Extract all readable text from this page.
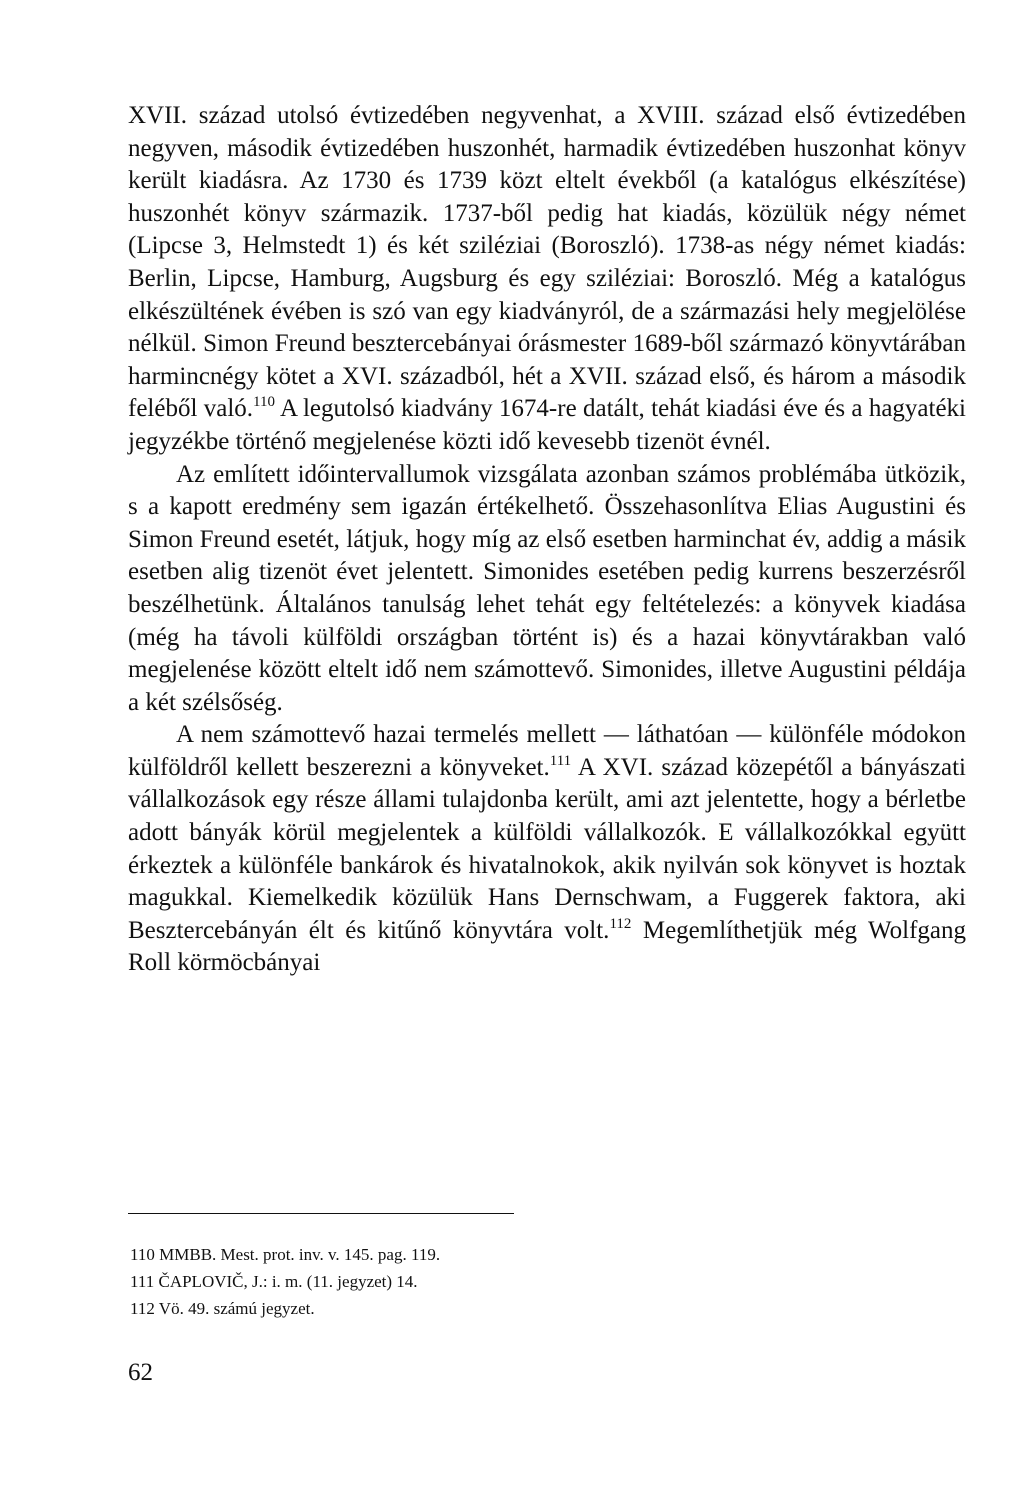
XVII. század utolsó évtizedében negyvenhat, a XVIII. század első évtizedében negyven, második évtizedében huszonhét, harmadik évtizedében huszonhat könyv került kiadásra. Az 1730 és 1739 közt eltelt évekből (a katalógus elkészítése) huszonhét könyv származik. 1737-ből pedig hat kiadás, közülük négy német (Lipcse 3, Helmstedt 1) és két sziléziai (Boroszló). 1738-as négy német kiadás: Berlin, Lipcse, Hamburg, Augsburg és egy sziléziai: Boroszló. Még a katalógus elkészültének évében is szó van egy kiadványról, de a származási hely megjelölése nélkül. Simon Freund besztercebányai órásmester 1689-ből származó könyvtárában harmincnégy kötet a XVI. századból, hét a XVII. század első, és három a második feléből való.$^{110}$ A legutolsó kiadvány 1674-re datált, tehát kiadási éve és a hagyatéki jegyzékbe történő megjelenése közti idő kevesebb tizenöt évnél.

Az említett időintervallumok vizsgálata azonban számos problémába ütközik, s a kapott eredmény sem igazán értékelhető. Összehasonlítva Elias Augustini és Simon Freund esetét, látjuk, hogy míg az első esetben harminchat év, addig a másik esetben alig tizenöt évet jelentett. Simonides esetében pedig kurrens beszerzésről beszélhetünk. Általános tanulság lehet tehát egy feltételezés: a könyvek kiadása (még ha távoli külföldi országban történt is) és a hazai könyvtárakban való megjelenése között eltelt idő nem számottevő. Simonides, illetve Augustini példája a két szélsőség.

A nem számottevő hazai termelés mellett — láthatóan — különféle módokon külföldről kellett beszerezni a könyveket.$^{111}$ A XVI. század közepétől a bányászati vállalkozások egy része állami tulajdonba került, ami azt jelentette, hogy a bérletbe adott bányák körül megjelentek a külföldi vállalkozók. E vállalkozókkal együtt érkeztek a különféle bankárok és hivatalnokok, akik nyilván sok könyvet is hoztak magukkal. Kiemelkedik közülük Hans Dernschwam, a Fuggerek faktora, aki Besztercebányán élt és kitűnő könyvtára volt.$^{112}$ Megemlíthetjük még Wolfgang Roll körmöcbányai

110 MMBB. Mest. prot. inv. v. 145. pag. 119.
111 ČAPLOVIČ, J.: i. m. (11. jegyzet) 14.
112 Vö. 49. számú jegyzet.
62
